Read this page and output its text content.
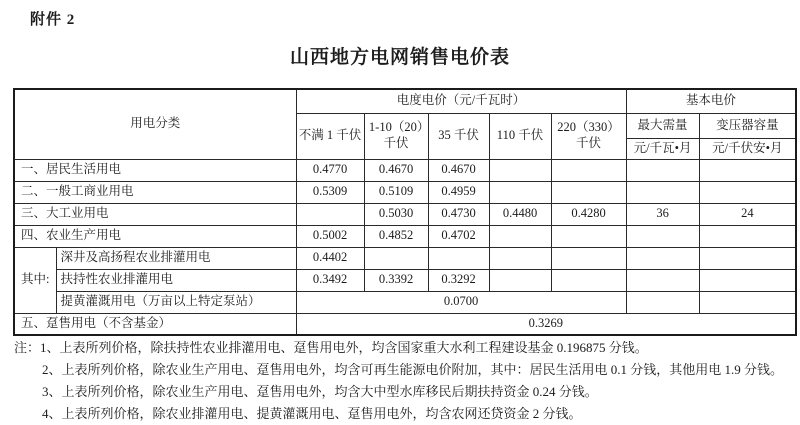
附件 2
山西地方电网销售电价表
用电分类		电度电价（元/千瓦时）					基本电价	
		不满 1 千伏	1-10（20）千伏	35 千伏	110 千伏	220（330）千伏	最大需量	变压器容量
							元/千瓦•月	元/千伏安•月
一、居民生活用电		0.4770	0.4670	0.4670				
二、一般工商业用电		0.5309	0.5109	0.4959				
三、大工业用电			0.5030	0.4730	0.4480	0.4280	36	24
四、农业生产用电		0.5002	0.4852	0.4702				
其中:	深井及高扬程农业排灌用电	0.4402						
	扶持性农业排灌用电	0.3492	0.3392	0.3292				
	提黄灌溉用电（万亩以上特定泵站）	0.0700						
五、趸售用电（不含基金）		0.3269						
注：1、上表所列价格，除扶持性农业排灌用电、趸售用电外，均含国家重大水利工程建设基金 0.196875 分钱。
2、上表所列价格，除农业生产用电、趸售用电外，均含可再生能源电价附加，其中：居民生活用电 0.1 分钱，其他用电 1.9 分钱。
3、上表所列价格，除农业生产用电、趸售用电外，均含大中型水库移民后期扶持资金 0.24 分钱。
4、上表所列价格，除农业排灌用电、提黄灌溉用电、趸售用电外，均含农网还贷资金 2 分钱。
